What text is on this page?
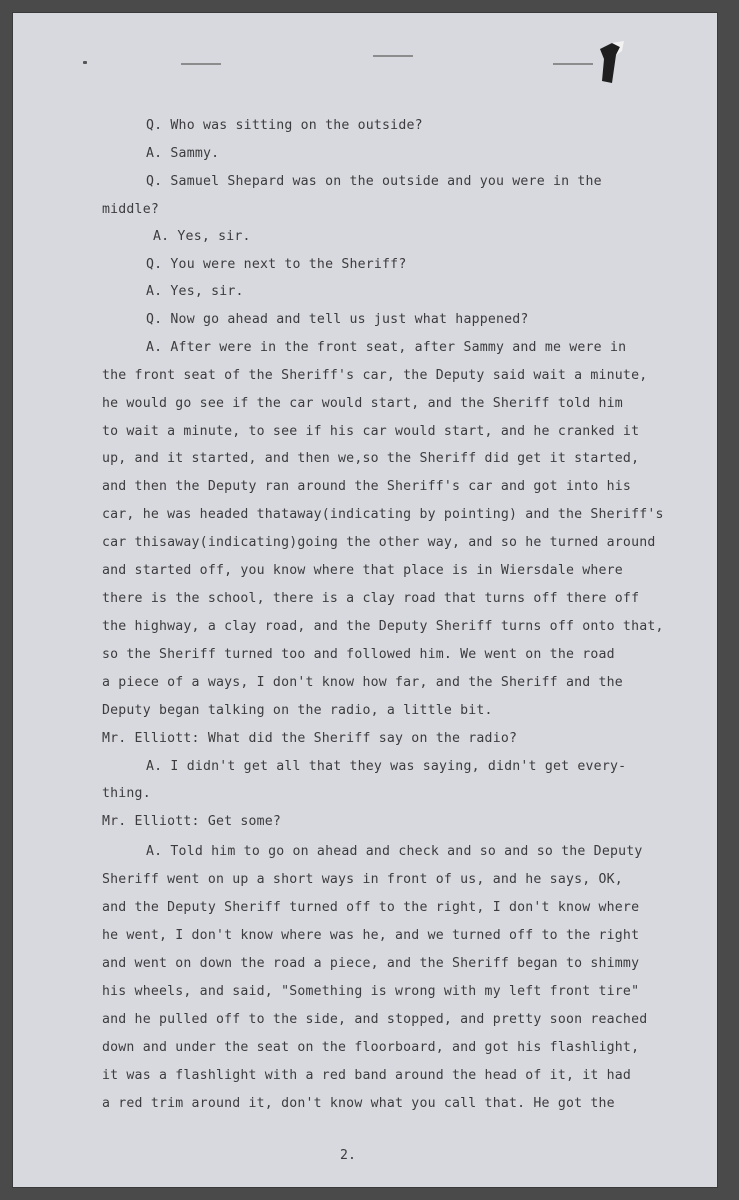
Q. Who was sitting on the outside?
A. Sammy.
Q. Samuel Shepard was on the outside and you were in the
middle?
A. Yes, sir.
Q. You were next to the Sheriff?
A. Yes, sir.
Q. Now go ahead and tell us just what happened?
A. After were in the front seat, after Sammy and me were in
the front seat of the Sheriff's car, the Deputy said wait a minute,
he would go see if the car would start, and the Sheriff told him
to wait a minute, to see if his car would start, and he cranked it
up, and it started, and then we,so the Sheriff did get it started,
and then the Deputy ran around the Sheriff's car and got into his
car, he was headed thataway(indicating by pointing) and the Sheriff's
car thisaway(indicating)going the other way, and so he turned around
and started off, you know where that place is in Wiersdale where
there is the school, there is a clay road that turns off there off
the highway, a clay road, and the Deputy Sheriff turns off onto that,
so the Sheriff turned too and followed him. We went on the road
a piece of a ways, I don't know how far, and the Sheriff and the
Deputy began talking on the radio, a little bit.
Mr. Elliott: What did the Sheriff say on the radio?
A. I didn't get all that they was saying, didn't get every-
thing.
Mr. Elliott: Get some?
A. Told him to go on ahead and check and so and so the Deputy
Sheriff went on up a short ways in front of us, and he says, OK,
and the Deputy Sheriff turned off to the right, I don't know where
he went, I don't know where was he, and we turned off to the right
and went on down the road a piece, and the Sheriff began to shimmy
his wheels, and said, "Something is wrong with my left front tire"
and he pulled off to the side, and stopped, and pretty soon reached
down and under the seat on the floorboard, and got his flashlight,
it was a flashlight with a red band around the head of it, it had
a red trim around it, don't know what you call that. He got the
2.
